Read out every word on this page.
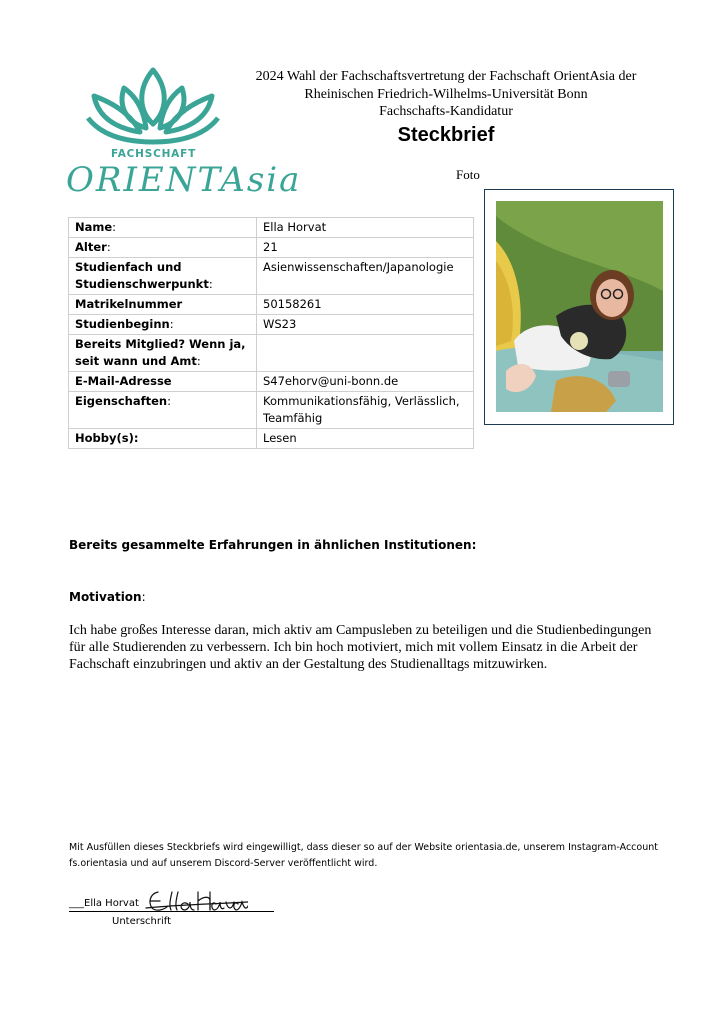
FACHSCHAFT
ORIENTAsia
2024 Wahl der Fachschaftsvertretung der Fachschaft OrientAsia der
Rheinischen Friedrich-Wilhelms-Universität Bonn
Fachschafts-Kandidatur
Steckbrief
Foto
Name:	Ella Horvat
Alter:	21
Studienfach und Studienschwerpunkt:	Asienwissenschaften/Japanologie
Matrikelnummer	50158261
Studienbeginn:	WS23
Bereits Mitglied? Wenn ja, seit wann und Amt:	
E-Mail-Adresse	S47ehorv@uni-bonn.de
Eigenschaften:	Kommunikationsfähig, Verlässlich, Teamfähig
Hobby(s):	Lesen
Bereits gesammelte Erfahrungen in ähnlichen Institutionen:
Motivation:
Ich habe großes Interesse daran, mich aktiv am Campusleben zu beteiligen und die Studienbedingungen für alle Studierenden zu verbessern. Ich bin hoch motiviert, mich mit vollem Einsatz in die Arbeit der Fachschaft einzubringen und aktiv an der Gestaltung des Studienalltags mitzuwirken.
Mit Ausfüllen dieses Steckbriefs wird eingewilligt, dass dieser so auf der Website orientasia.de, unserem Instagram-Account fs.orientasia und auf unserem Discord-Server veröffentlicht wird.
___Ella Horvat
Unterschrift
